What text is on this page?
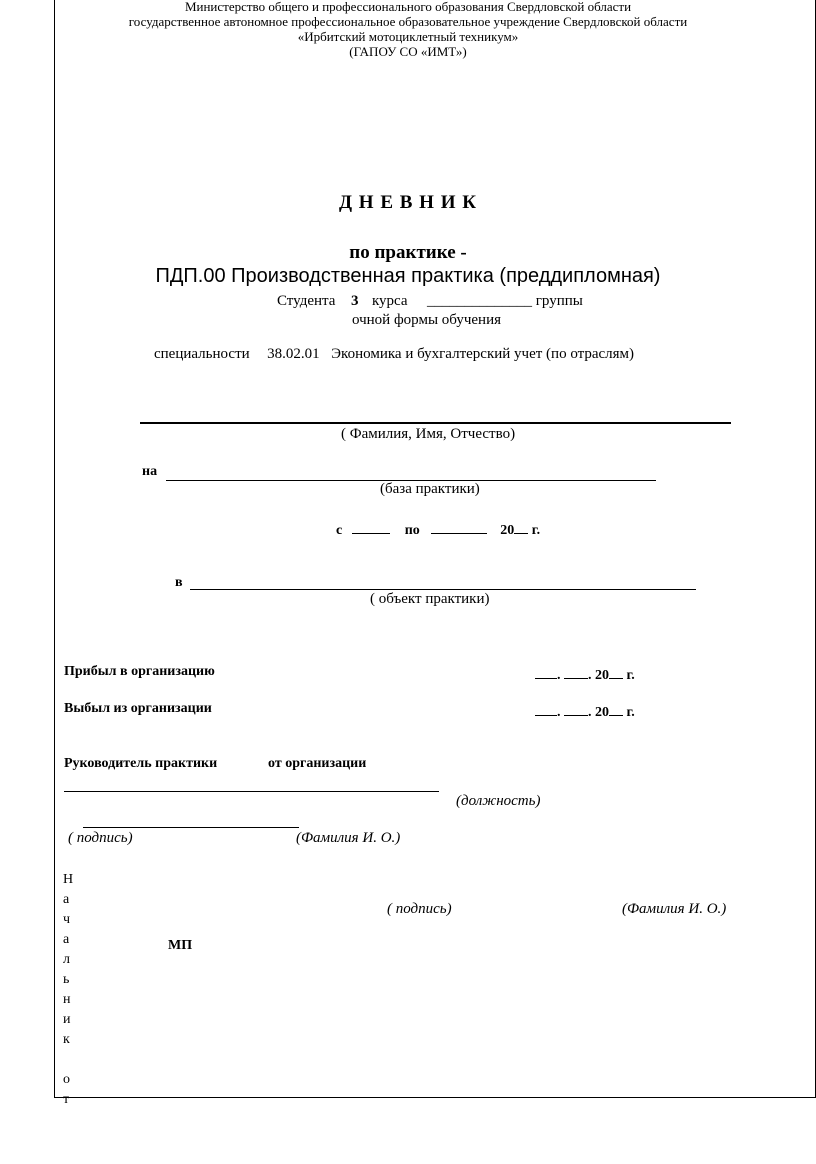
Министерство общего и профессионального образования Свердловской области
государственное автономное профессиональное образовательное учреждение Свердловской области
«Ирбитский мотоциклетный техникум»
(ГАПОУ СО «ИМТ»)
Д Н Е В Н И К
по практике -
ПДП.00 Производственная практика (преддипломная)
Студента 3 курса ______________ группы
очной формы обучения
специальности 38.02.01 Экономика и бухгалтерский учет (по отраслям)
( Фамилия, Имя, Отчество)
на
(база практики)
с	по	20 г.
в
( объект практики)
Прибыл в организацию	. . 20 г.
Выбыл из организации	. . 20 г.
Руководитель практики	от организации
(должность)
( подпись)	(Фамилия И. О.)
Н
а
ч
а
л
ь
н
и
к
о
т
( подпись)	(Фамилия И. О.)
МП
